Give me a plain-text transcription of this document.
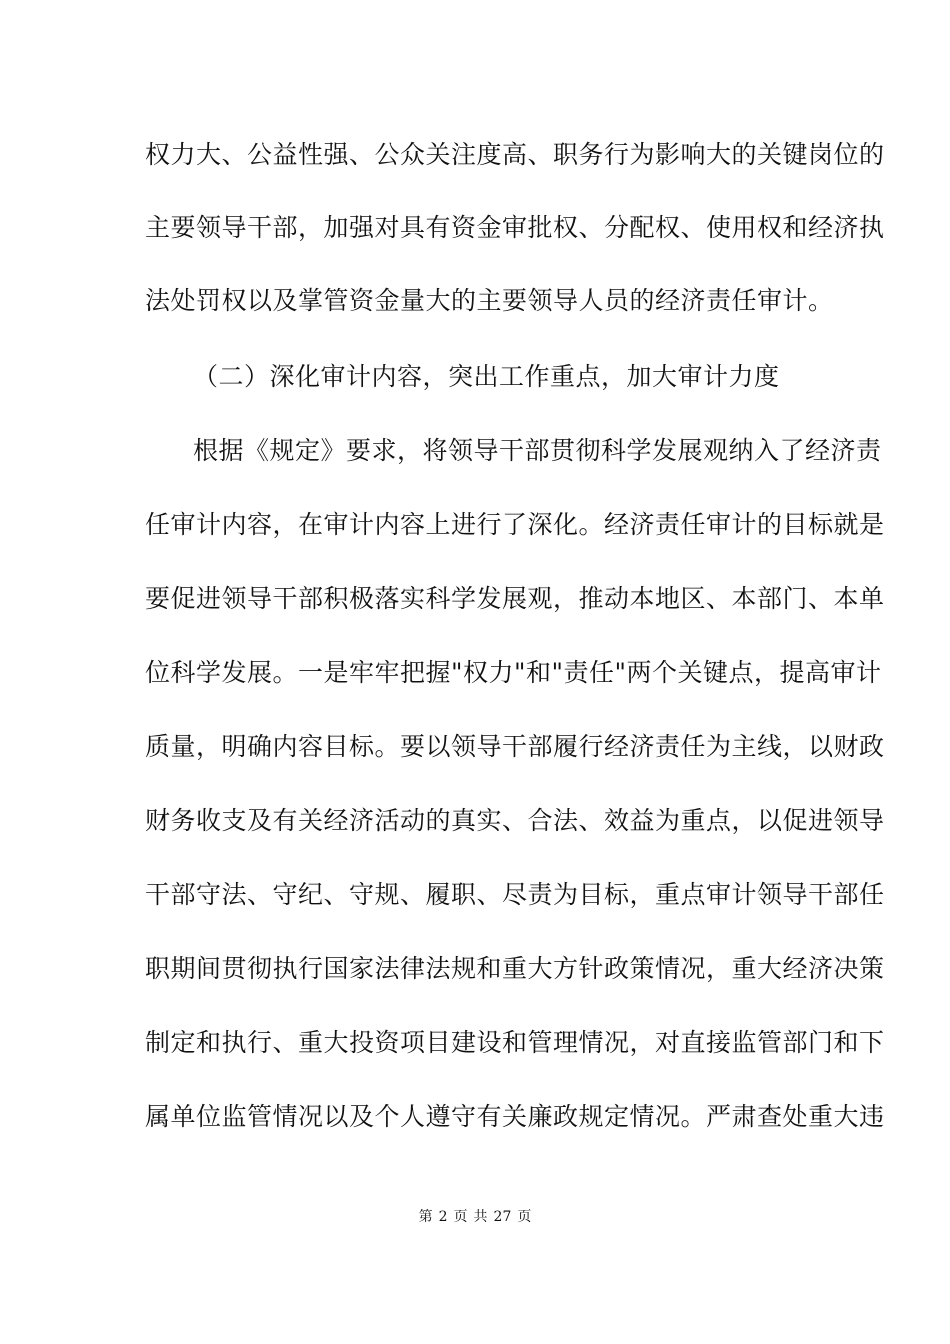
权力大、公益性强、公众关注度高、职务行为影响大的关键岗位的
主要领导干部，加强对具有资金审批权、分配权、使用权和经济执
法处罚权以及掌管资金量大的主要领导人员的经济责任审计。
（二）深化审计内容，突出工作重点，加大审计力度
根据《规定》要求，将领导干部贯彻科学发展观纳入了经济责
任审计内容，在审计内容上进行了深化。经济责任审计的目标就是
要促进领导干部积极落实科学发展观，推动本地区、本部门、本单
位科学发展。一是牢牢把握"权力"和"责任"两个关键点，提高审计
质量，明确内容目标。要以领导干部履行经济责任为主线，以财政
财务收支及有关经济活动的真实、合法、效益为重点，以促进领导
干部守法、守纪、守规、履职、尽责为目标，重点审计领导干部任
职期间贯彻执行国家法律法规和重大方针政策情况，重大经济决策
制定和执行、重大投资项目建设和管理情况，对直接监管部门和下
属单位监管情况以及个人遵守有关廉政规定情况。严肃查处重大违
第 2 页 共 27 页
